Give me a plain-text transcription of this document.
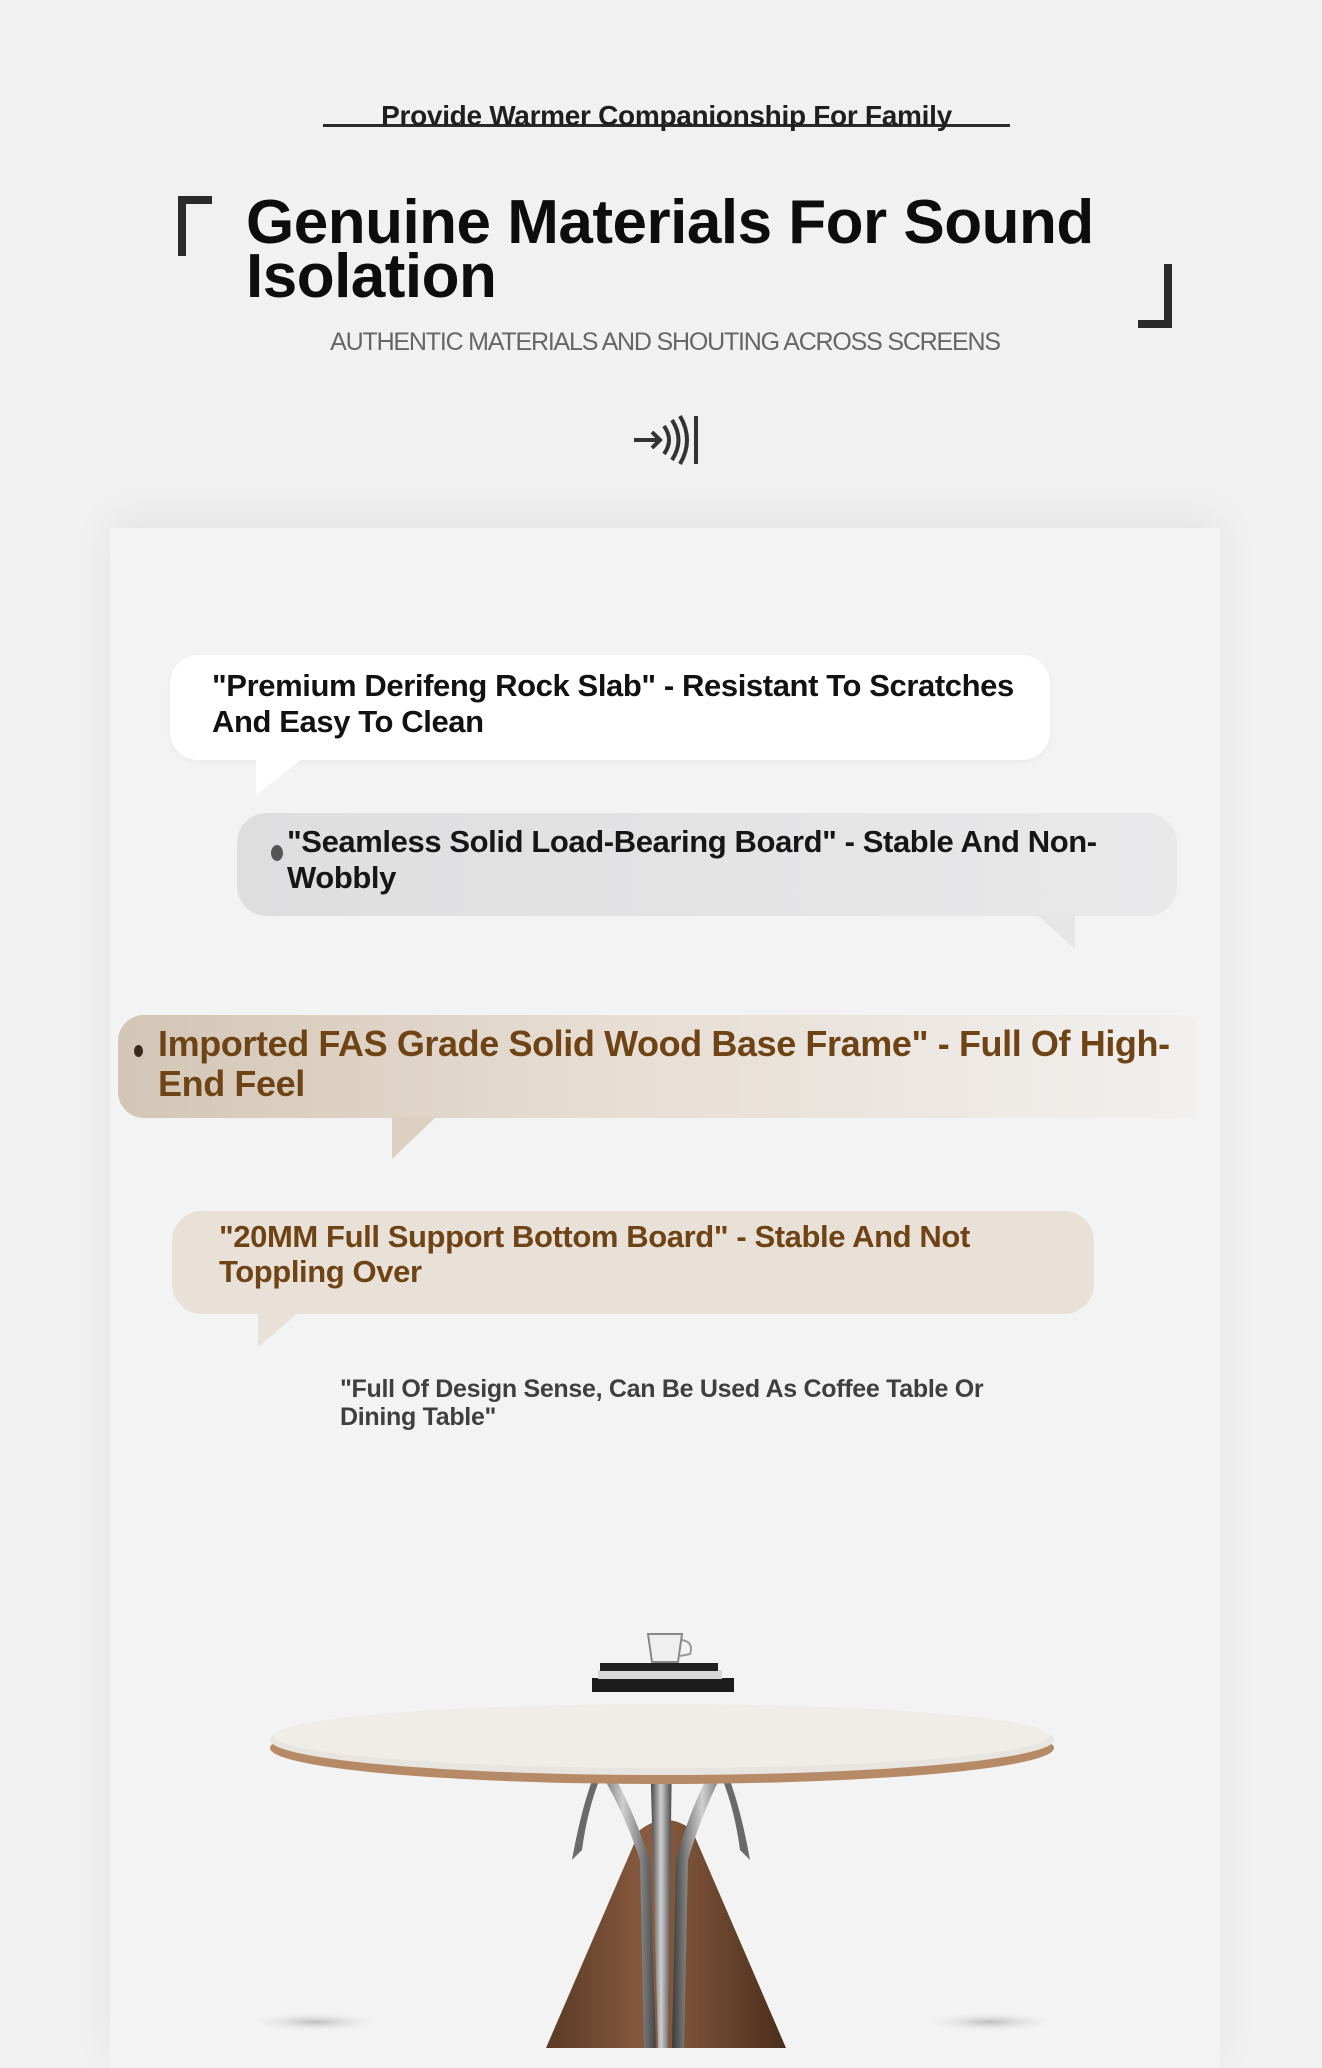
Provide Warmer Companionship For Family
Genuine Materials For Sound Isolation
AUTHENTIC MATERIALS AND SHOUTING ACROSS SCREENS
"Premium Derifeng Rock Slab" - Resistant To Scratches And Easy To Clean
"Seamless Solid Load-Bearing Board" - Stable And Non-Wobbly
Imported FAS Grade Solid Wood Base Frame" - Full Of High-End Feel
"20MM Full Support Bottom Board" - Stable And Not Toppling Over
"Full Of Design Sense, Can Be Used As Coffee Table Or Dining Table"
